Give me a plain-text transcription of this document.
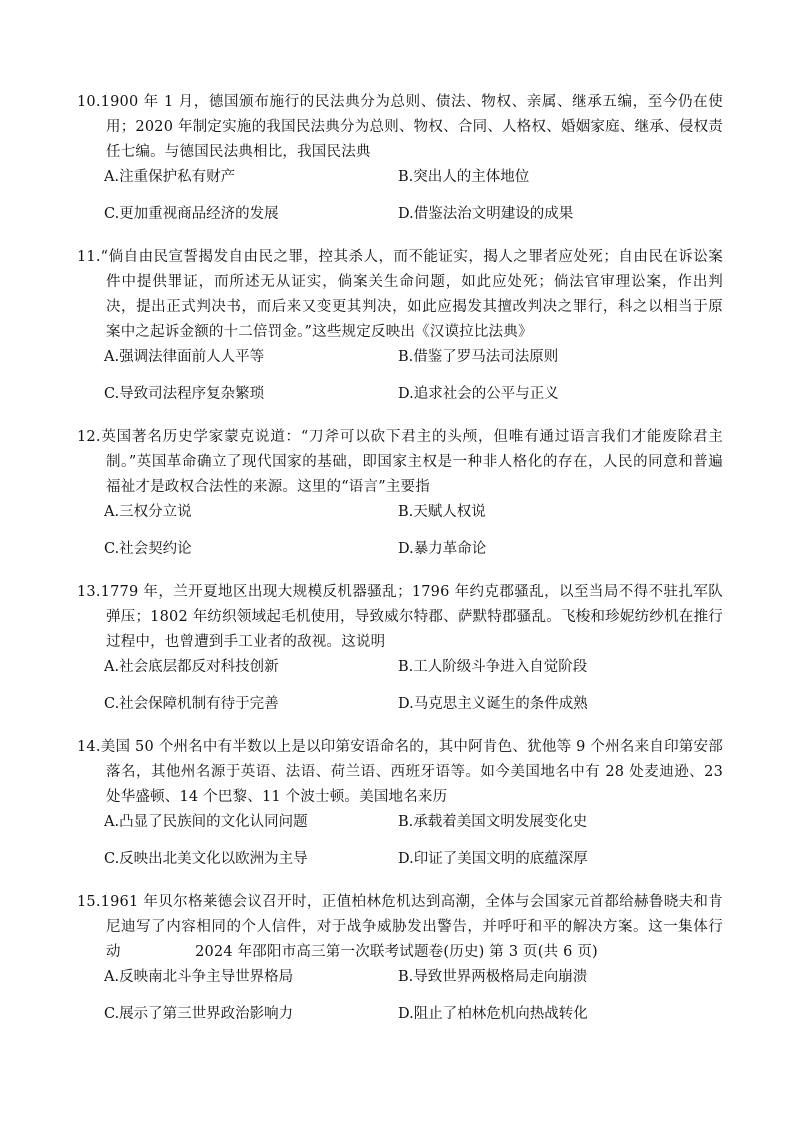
10.1900 年 1 月，德国颁布施行的民法典分为总则、债法、物权、亲属、继承五编，至今仍在使用；2020 年制定实施的我国民法典分为总则、物权、合同、人格权、婚姻家庭、继承、侵权责任七编。与德国民法典相比，我国民法典
A.注重保护私有财产	B.突出人的主体地位
C.更加重视商品经济的发展	D.借鉴法治文明建设的成果
11.“倘自由民宣誓揭发自由民之罪，控其杀人，而不能证实，揭人之罪者应处死；自由民在诉讼案件中提供罪证，而所述无从证实，倘案关生命问题，如此应处死；倘法官审理讼案，作出判决，提出正式判决书，而后来又变更其判决，如此应揭发其擅改判决之罪行，科之以相当于原案中之起诉金额的十二倍罚金。”这些规定反映出《汉谟拉比法典》
A.强调法律面前人人平等	B.借鉴了罗马法司法原则
C.导致司法程序复杂繁琐	D.追求社会的公平与正义
12.英国著名历史学家蒙克说道：“刀斧可以砍下君主的头颅，但唯有通过语言我们才能废除君主制。”英国革命确立了现代国家的基础，即国家主权是一种非人格化的存在，人民的同意和普遍福祉才是政权合法性的来源。这里的“语言”主要指
A.三权分立说	B.天赋人权说
C.社会契约论	D.暴力革命论
13.1779 年，兰开夏地区出现大规模反机器骚乱；1796 年约克郡骚乱，以至当局不得不驻扎军队弹压；1802 年纺织领域起毛机使用，导致威尔特郡、萨默特郡骚乱。飞梭和珍妮纺纱机在推行过程中，也曾遭到手工业者的敌视。这说明
A.社会底层都反对科技创新	B.工人阶级斗争进入自觉阶段
C.社会保障机制有待于完善	D.马克思主义诞生的条件成熟
14.美国 50 个州名中有半数以上是以印第安语命名的，其中阿肯色、犹他等 9 个州名来自印第安部落名，其他州名源于英语、法语、荷兰语、西班牙语等。如今美国地名中有 28 处麦迪逊、23 处华盛顿、14 个巴黎、11 个波士顿。美国地名来历
A.凸显了民族间的文化认同问题	B.承载着美国文明发展变化史
C.反映出北美文化以欧洲为主导	D.印证了美国文明的底蕴深厚
15.1961 年贝尔格莱德会议召开时，正值柏林危机达到高潮，全体与会国家元首都给赫鲁晓夫和肯尼迪写了内容相同的个人信件，对于战争威胁发出警告，并呼吁和平的解决方案。这一集体行动
A.反映南北斗争主导世界格局	B.导致世界两极格局走向崩溃
C.展示了第三世界政治影响力	D.阻止了柏林危机向热战转化
2024 年邵阳市高三第一次联考试题卷(历史) 第 3 页(共 6 页)
